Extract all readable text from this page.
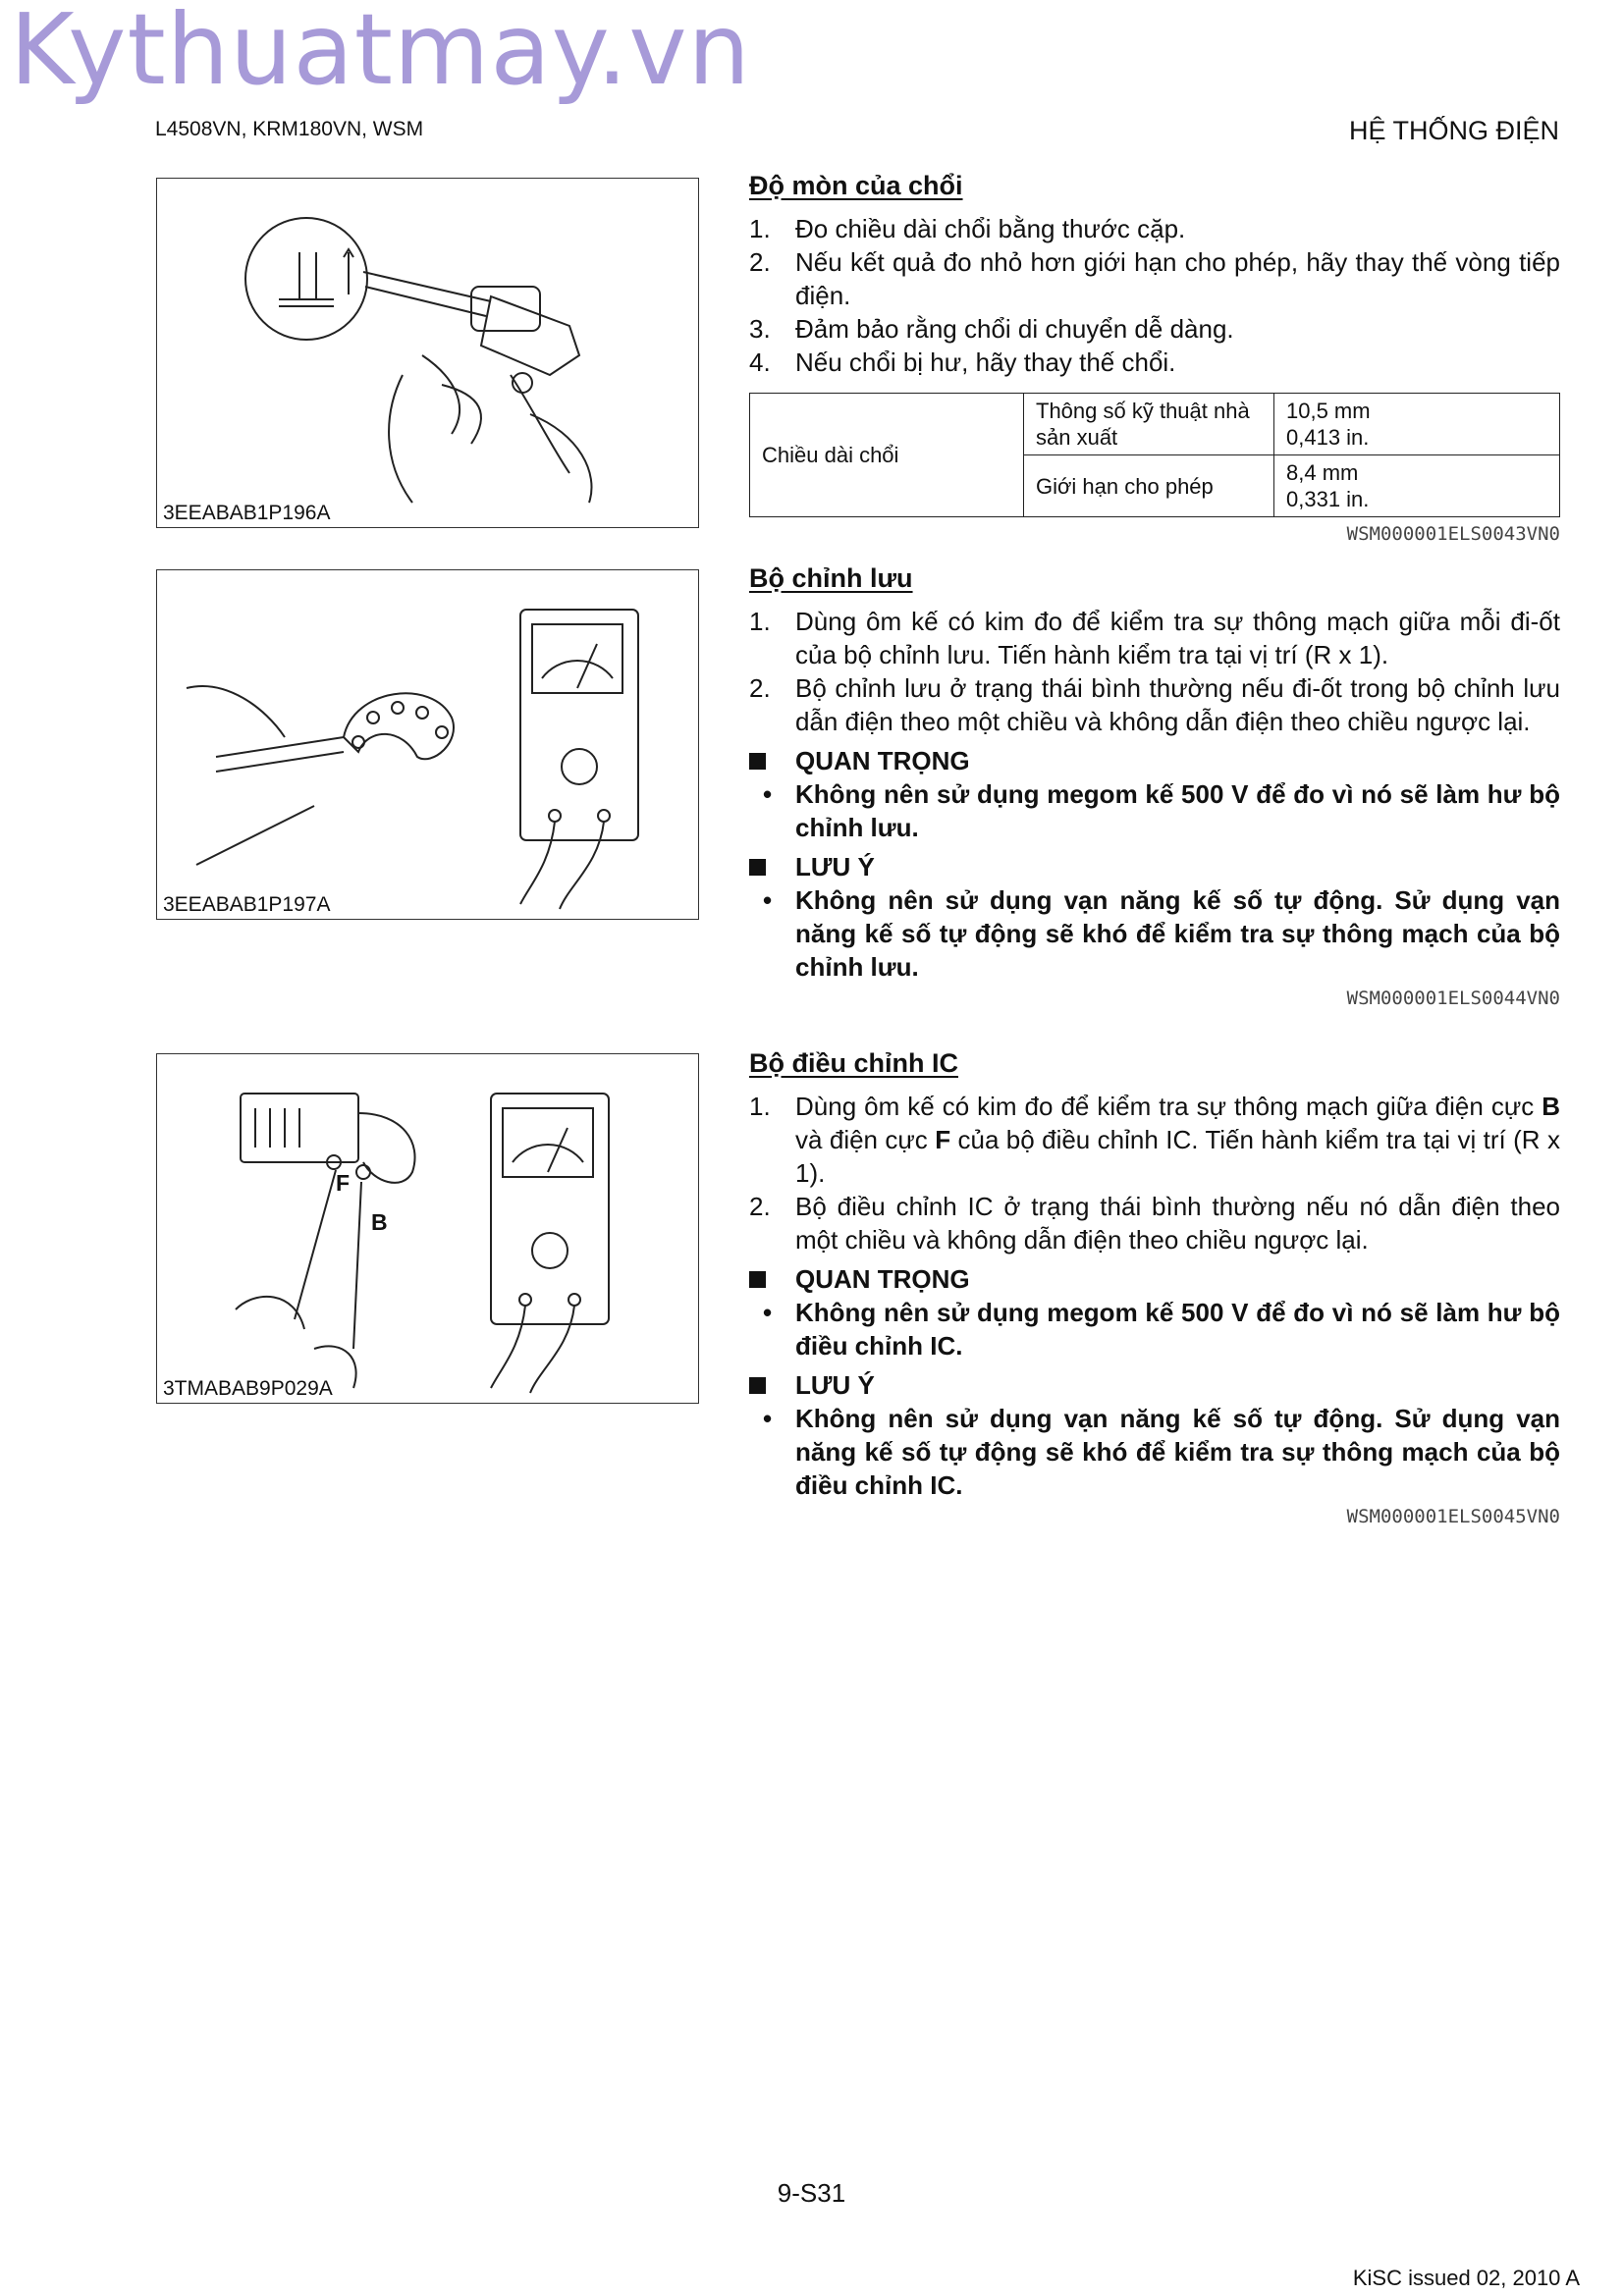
Kythuatmay.vn
L4508VN, KRM180VN, WSM	HỆ THỐNG ĐIỆN
3EEABAB1P196A
3EEABAB1P197A
F
B
3TMABAB9P029A
Độ mòn của chổi
1. Đo chiều dài chổi bằng thước cặp.
2. Nếu kết quả đo nhỏ hơn giới hạn cho phép, hãy thay thế vòng tiếp điện.
3. Đảm bảo rằng chổi di chuyển dễ dàng.
4. Nếu chổi bị hư, hãy thay thế chổi.
Chiều dài chổi	Thông số kỹ thuật nhà sản xuất	10,5 mm
0,413 in.

	Giới hạn cho phép	8,4 mm
0,331 in.
WSM000001ELS0043VN0
Bộ chỉnh lưu
1. Dùng ôm kế có kim đo để kiểm tra sự thông mạch giữa mỗi đi-ốt của bộ chỉnh lưu. Tiến hành kiểm tra tại vị trí (R x 1).
2. Bộ chỉnh lưu ở trạng thái bình thường nếu đi-ốt trong bộ chỉnh lưu dẫn điện theo một chiều và không dẫn điện theo chiều ngược lại.
QUAN TRỌNG
• Không nên sử dụng megom kế 500 V để đo vì nó sẽ làm hư bộ chỉnh lưu.
LƯU Ý
• Không nên sử dụng vạn năng kế số tự động. Sử dụng vạn năng kế số tự động sẽ khó để kiểm tra sự thông mạch của bộ chỉnh lưu.
WSM000001ELS0044VN0
Bộ điều chỉnh IC
1. Dùng ôm kế có kim đo để kiểm tra sự thông mạch giữa điện cực B và điện cực F của bộ điều chỉnh IC. Tiến hành kiểm tra tại vị trí (R x 1).
2. Bộ điều chỉnh IC ở trạng thái bình thường nếu nó dẫn điện theo một chiều và không dẫn điện theo chiều ngược lại.
QUAN TRỌNG
• Không nên sử dụng megom kế 500 V để đo vì nó sẽ làm hư bộ điều chỉnh IC.
LƯU Ý
• Không nên sử dụng vạn năng kế số tự động. Sử dụng vạn năng kế số tự động sẽ khó để kiểm tra sự thông mạch của bộ điều chỉnh IC.
WSM000001ELS0045VN0
9-S31
KiSC issued 02, 2010 A
